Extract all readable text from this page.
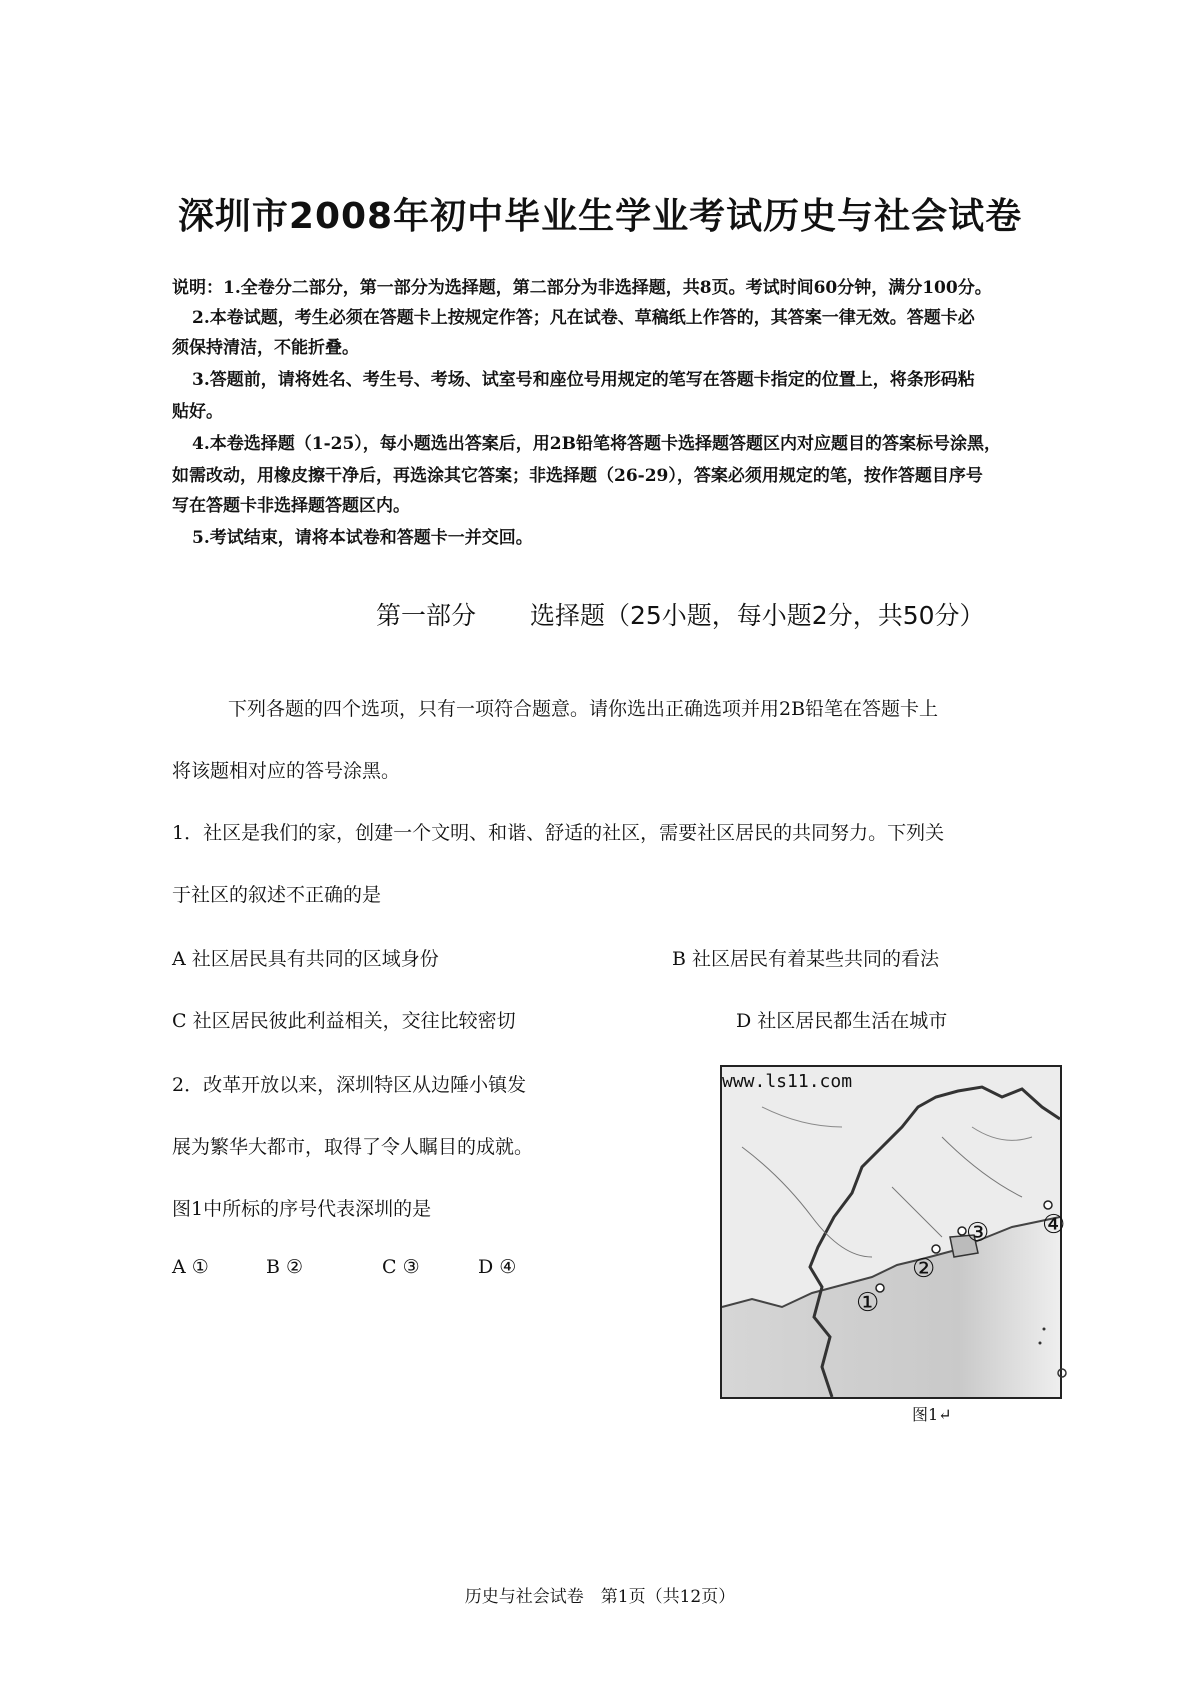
深圳市2008年初中毕业生学业考试历史与社会试卷
说明：1.全卷分二部分，第一部分为选择题，第二部分为非选择题，共8页。考试时间60分钟，满分100分。
2.本卷试题，考生必须在答题卡上按规定作答；凡在试卷、草稿纸上作答的，其答案一律无效。答题卡必
须保持清洁，不能折叠。
3.答题前，请将姓名、考生号、考场、试室号和座位号用规定的笔写在答题卡指定的位置上，将条形码粘
贴好。
4.本卷选择题（1-25），每小题选出答案后，用2B铅笔将答题卡选择题答题区内对应题目的答案标号涂黑，
如需改动，用橡皮擦干净后，再选涂其它答案；非选择题（26-29），答案必须用规定的笔，按作答题目序号
写在答题卡非选择题答题区内。
5.考试结束，请将本试卷和答题卡一并交回。
第一部分 选择题（25小题，每小题2分，共50分）
下列各题的四个选项，只有一项符合题意。请你选出正确选项并用2B铅笔在答题卡上
将该题相对应的答号涂黑。
1．社区是我们的家，创建一个文明、和谐、舒适的社区，需要社区居民的共同努力。下列关
于社区的叙述不正确的是
A 社区居民具有共同的区域身份	B 社区居民有着某些共同的看法
C 社区居民彼此利益相关，交往比较密切	D 社区居民都生活在城市
2．改革开放以来，深圳特区从边陲小镇发
展为繁华大都市，取得了令人瞩目的成就。
图1中所标的序号代表深圳的是
A ①	B ②	C ③	D ④
www.ls11.com
①
②
③ ④
图1↵
历史与社会试卷　第1页（共12页）
